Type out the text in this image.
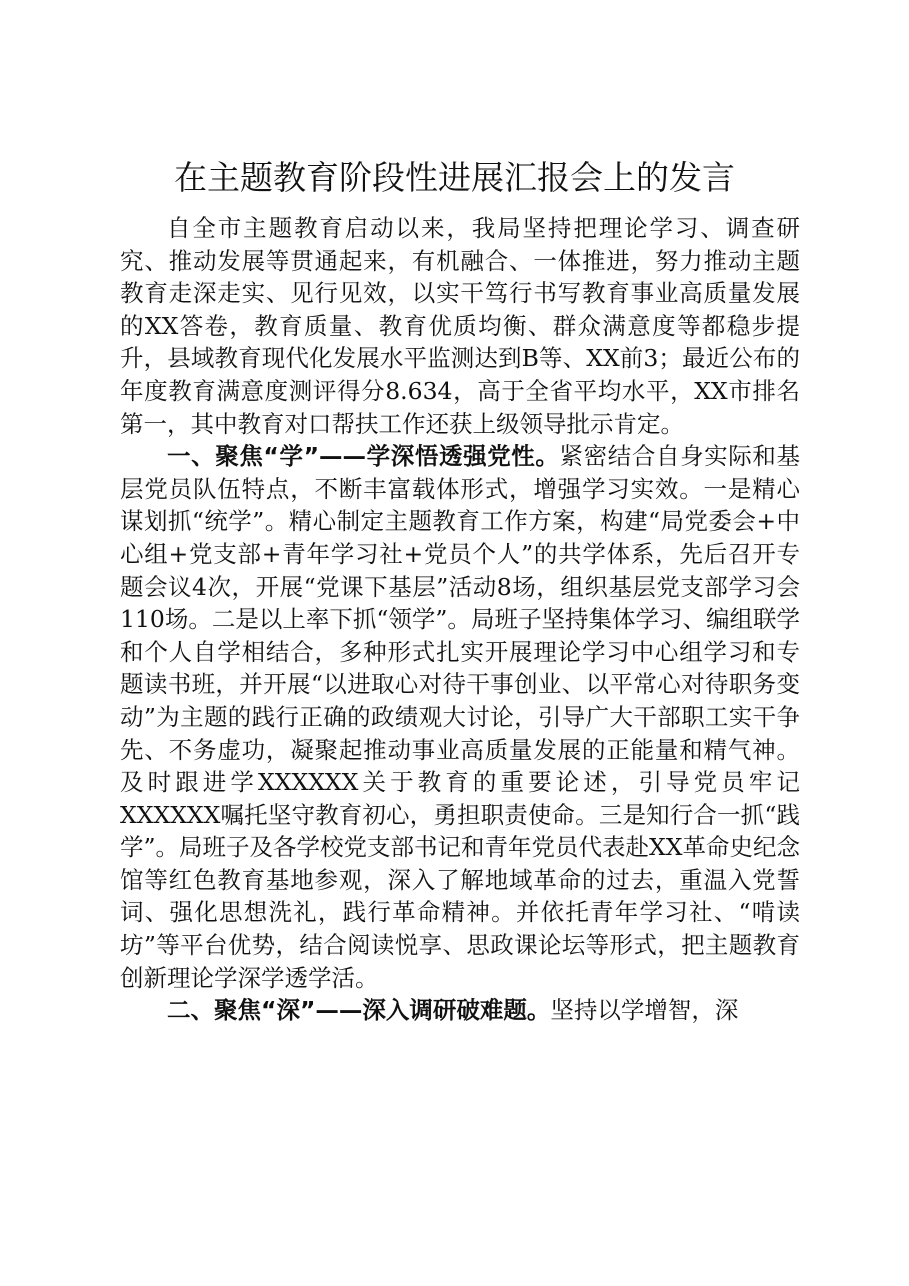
在主题教育阶段性进展汇报会上的发言

自全市主题教育启动以来，我局坚持把理论学习、调查研究、推动发展等贯通起来，有机融合、一体推进，努力推动主题教育走深走实、见行见效，以实干笃行书写教育事业高质量发展的XX答卷，教育质量、教育优质均衡、群众满意度等都稳步提升，县域教育现代化发展水平监测达到B等、XX前3；最近公布的年度教育满意度测评得分8.634，高于全省平均水平，XX市排名第一，其中教育对口帮扶工作还获上级领导批示肯定。

一、聚焦“学”——学深悟透强党性。紧密结合自身实际和基层党员队伍特点，不断丰富载体形式，增强学习实效。一是精心谋划抓“统学”。精心制定主题教育工作方案，构建“局党委会+中心组+党支部+青年学习社+党员个人”的共学体系，先后召开专题会议4次，开展“党课下基层”活动8场，组织基层党支部学习会110场。二是以上率下抓“领学”。局班子坚持集体学习、编组联学和个人自学相结合，多种形式扎实开展理论学习中心组学习和专题读书班，并开展“以进取心对待干事创业、以平常心对待职务变动”为主题的践行正确的政绩观大讨论，引导广大干部职工实干争先、不务虚功，凝聚起推动事业高质量发展的正能量和精气神。及时跟进学XXXXXX关于教育的重要论述，引导党员牢记XXXXXX嘱托坚守教育初心，勇担职责使命。三是知行合一抓“践学”。局班子及各学校党支部书记和青年党员代表赴XX革命史纪念馆等红色教育基地参观，深入了解地域革命的过去，重温入党誓词、强化思想洗礼，践行革命精神。并依托青年学习社、“啃读坊”等平台优势，结合阅读悦享、思政课论坛等形式，把主题教育创新理论学深学透学活。

二、聚焦“深”——深入调研破难题。坚持以学增智，深
